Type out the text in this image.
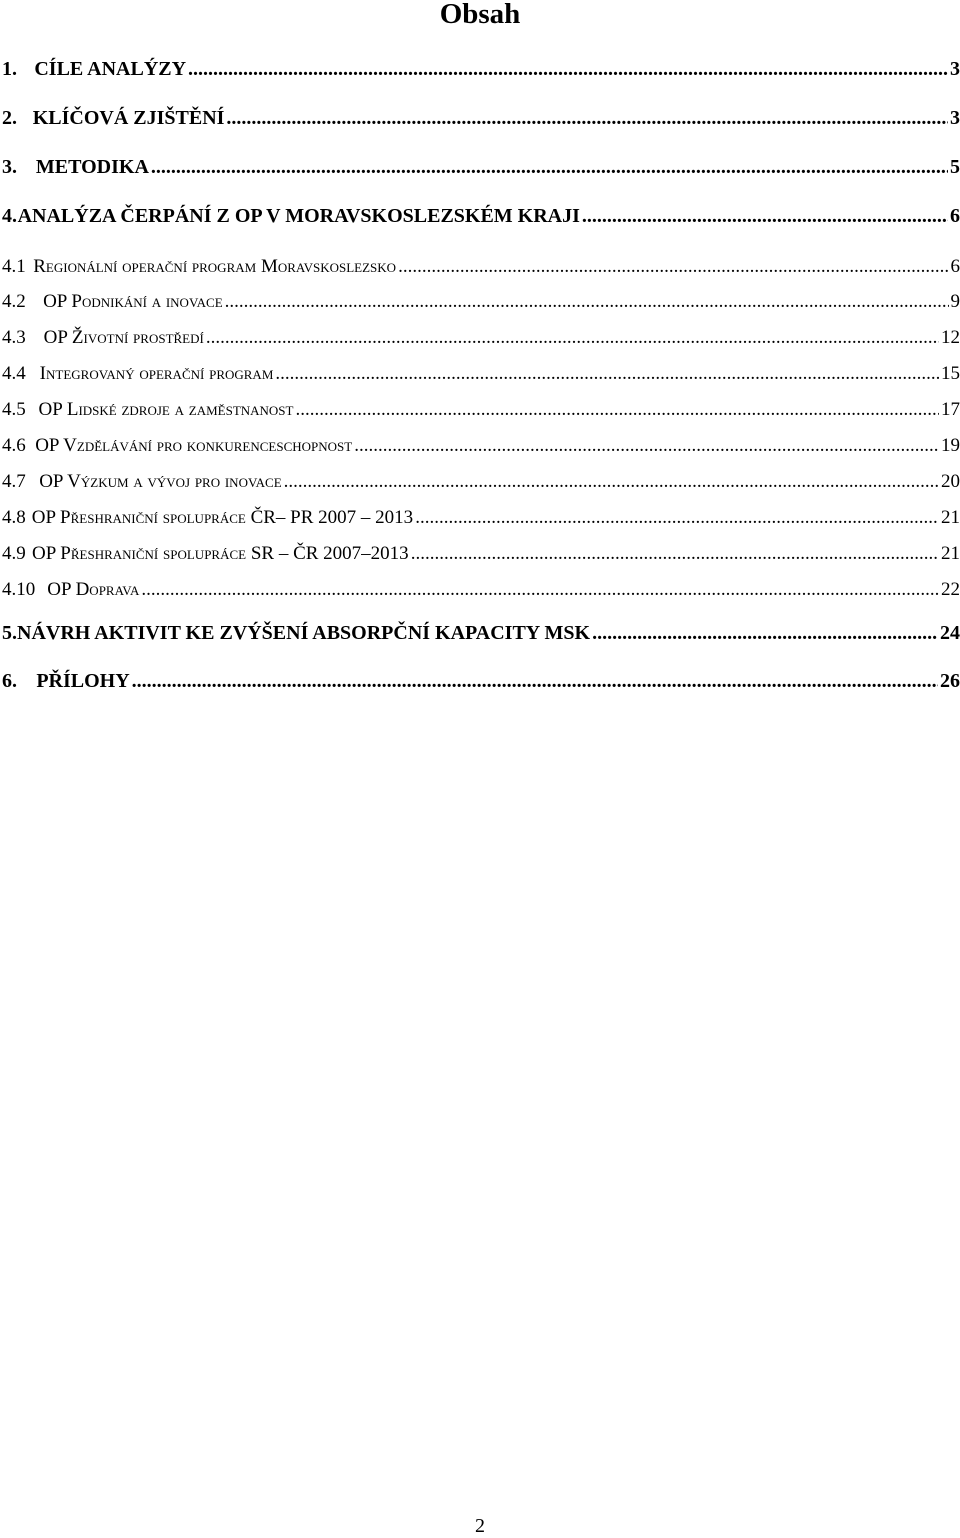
Obsah
1. CÍLE ANALÝZY .....	3
2. KLÍČOVÁ ZJIŠTĚNÍ .....	3
3. METODIKA .....	5
4. ANALÝZA ČERPÁNÍ Z OP V MORAVSKOSLEZSKÉM KRAJI .....	6
4.1 Regionální operační program Moravskoslezsko .....	6
4.2 OP Podnikání a inovace .....	9
4.3 OP Životní prostředí .....	12
4.4 Integrovaný operační program .....	15
4.5 OP Lidské zdroje a zaměstnanost .....	17
4.6 OP Vzdělávání pro konkurenceschopnost .....	19
4.7 OP Výzkum a vývoj pro inovace .....	20
4.8 OP Přeshraniční spolupráce ČR– PR 2007 – 2013 .....	21
4.9 OP Přeshraniční spolupráce SR – ČR 2007–2013 .....	21
4.10 OP Doprava .....	22
5. NÁVRH AKTIVIT KE ZVÝŠENÍ ABSORPČNÍ KAPACITY MSK .....	24
6. PŘÍLOHY .....	26
2
